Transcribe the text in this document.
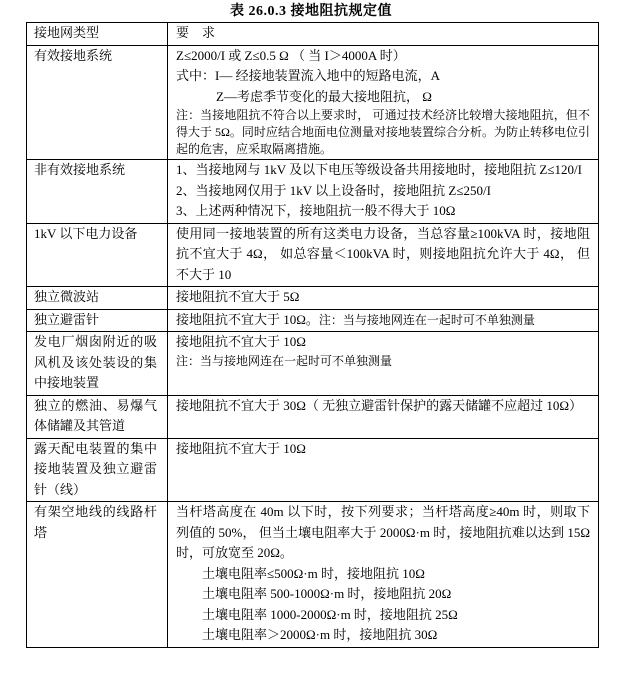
表 26.0.3 接地阻抗规定值
接地网类型	要　求
有效接地系统	Z≤2000/I 或 Z≤0.5 Ω （ 当 I＞4000A 时）
式中：I— 经接地装置流入地中的短路电流，A
Z—考虑季节变化的最大接地阻抗， Ω
注：当接地阻抗不符合以上要求时， 可通过技术经济比较增大接地阻抗，但不得大于 5Ω。同时应结合地面电位测量对接地装置综合分析。为防止转移电位引起的危害，应采取隔离措施。

非有效接地系统	1、当接地网与 1kV 及以下电压等级设备共用接地时，接地阻抗 Z≤120/I
2、当接地网仅用于 1kV 以上设备时，接地阻抗 Z≤250/I
3、上述两种情况下，接地阻抗一般不得大于 10Ω

1kV 以下电力设备	使用同一接地装置的所有这类电力设备，当总容量≥100kVA 时，接地阻抗不宜大于 4Ω， 如总容量＜100kVA 时，则接地阻抗允许大于 4Ω， 但不大于 10

独立微波站	接地阻抗不宜大于 5Ω

独立避雷针	接地阻抗不宜大于 10Ω。注：当与接地网连在一起时可不单独测量

发电厂烟囱附近的吸风机及该处装设的集中接地装置	接地阻抗不宜大于 10Ω
注：当与接地网连在一起时可不单独测量

独立的燃油、易爆气体储罐及其管道	接地阻抗不宜大于 30Ω（ 无独立避雷针保护的露天储罐不应超过 10Ω）

露天配电装置的集中接地装置及独立避雷针（线）	接地阻抗不宜大于 10Ω

有架空地线的线路杆塔	当杆塔高度在 40m 以下时，按下列要求；当杆塔高度≥40m 时，则取下列值的 50%， 但当土壤电阻率大于 2000Ω·m 时，接地阻抗难以达到 15Ω 时，可放宽至 20Ω。
土壤电阻率≤500Ω·m 时，接地阻抗 10Ω
土壤电阻率 500-1000Ω·m 时，接地阻抗 20Ω
土壤电阻率 1000-2000Ω·m 时，接地阻抗 25Ω
土壤电阻率＞2000Ω·m 时，接地阻抗 30Ω
